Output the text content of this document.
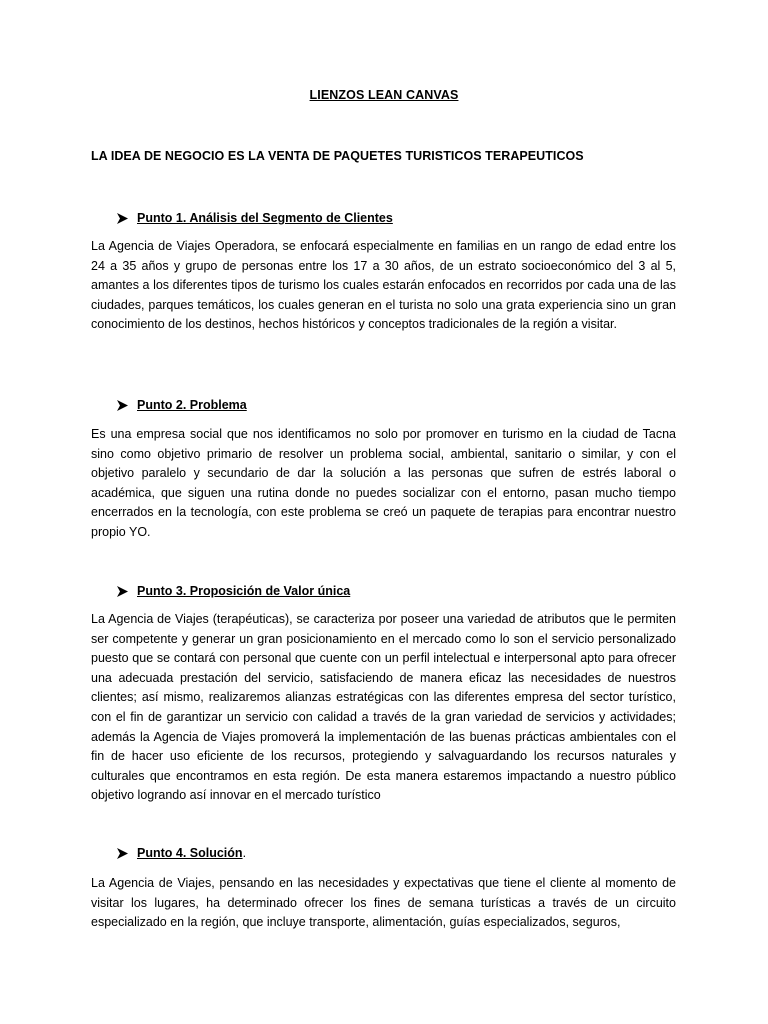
LIENZOS LEAN CANVAS
LA IDEA DE NEGOCIO ES LA VENTA DE PAQUETES TURISTICOS TERAPEUTICOS
Punto 1. Análisis del Segmento de Clientes

La Agencia de Viajes Operadora, se enfocará especialmente en familias en un rango de edad entre los 24 a 35 años y grupo de personas entre los 17 a 30 años, de un estrato socioeconómico del 3 al 5, amantes a los diferentes tipos de turismo los cuales estarán enfocados en recorridos por cada una de las ciudades, parques temáticos, los cuales generan en el turista no solo una grata experiencia sino un gran conocimiento de los destinos, hechos históricos y conceptos tradicionales de la región a visitar.

Punto 2. Problema

Es una empresa social que nos identificamos no solo por promover en turismo en la ciudad de Tacna sino como objetivo primario de resolver un problema social, ambiental, sanitario o similar, y con el objetivo paralelo y secundario de dar la solución a las personas que sufren de estrés laboral o académica, que siguen una rutina donde no puedes socializar con el entorno, pasan mucho tiempo encerrados en la tecnología, con este problema se creó un paquete de terapias para encontrar nuestro propio YO.

Punto 3. Proposición de Valor única

La Agencia de Viajes (terapéuticas), se caracteriza por poseer una variedad de atributos que le permiten ser competente y generar un gran posicionamiento en el mercado como lo son el servicio personalizado puesto que se contará con personal que cuente con un perfil intelectual e interpersonal apto para ofrecer una adecuada prestación del servicio, satisfaciendo de manera eficaz las necesidades de nuestros clientes; así mismo, realizaremos alianzas estratégicas con las diferentes empresa del sector turístico, con el fin de garantizar un servicio con calidad a través de la gran variedad de servicios y actividades; además la Agencia de Viajes promoverá la implementación de las buenas prácticas ambientales con el fin de hacer uso eficiente de los recursos, protegiendo y salvaguardando los recursos naturales y culturales que encontramos en esta región. De esta manera estaremos impactando a nuestro público objetivo logrando así innovar en el mercado turístico

Punto 4. Solución.

La Agencia de Viajes, pensando en las necesidades y expectativas que tiene el cliente al momento de visitar los lugares, ha determinado ofrecer los fines de semana turísticas a través de un circuito especializado en la región, que incluye transporte, alimentación, guías especializados, seguros,
